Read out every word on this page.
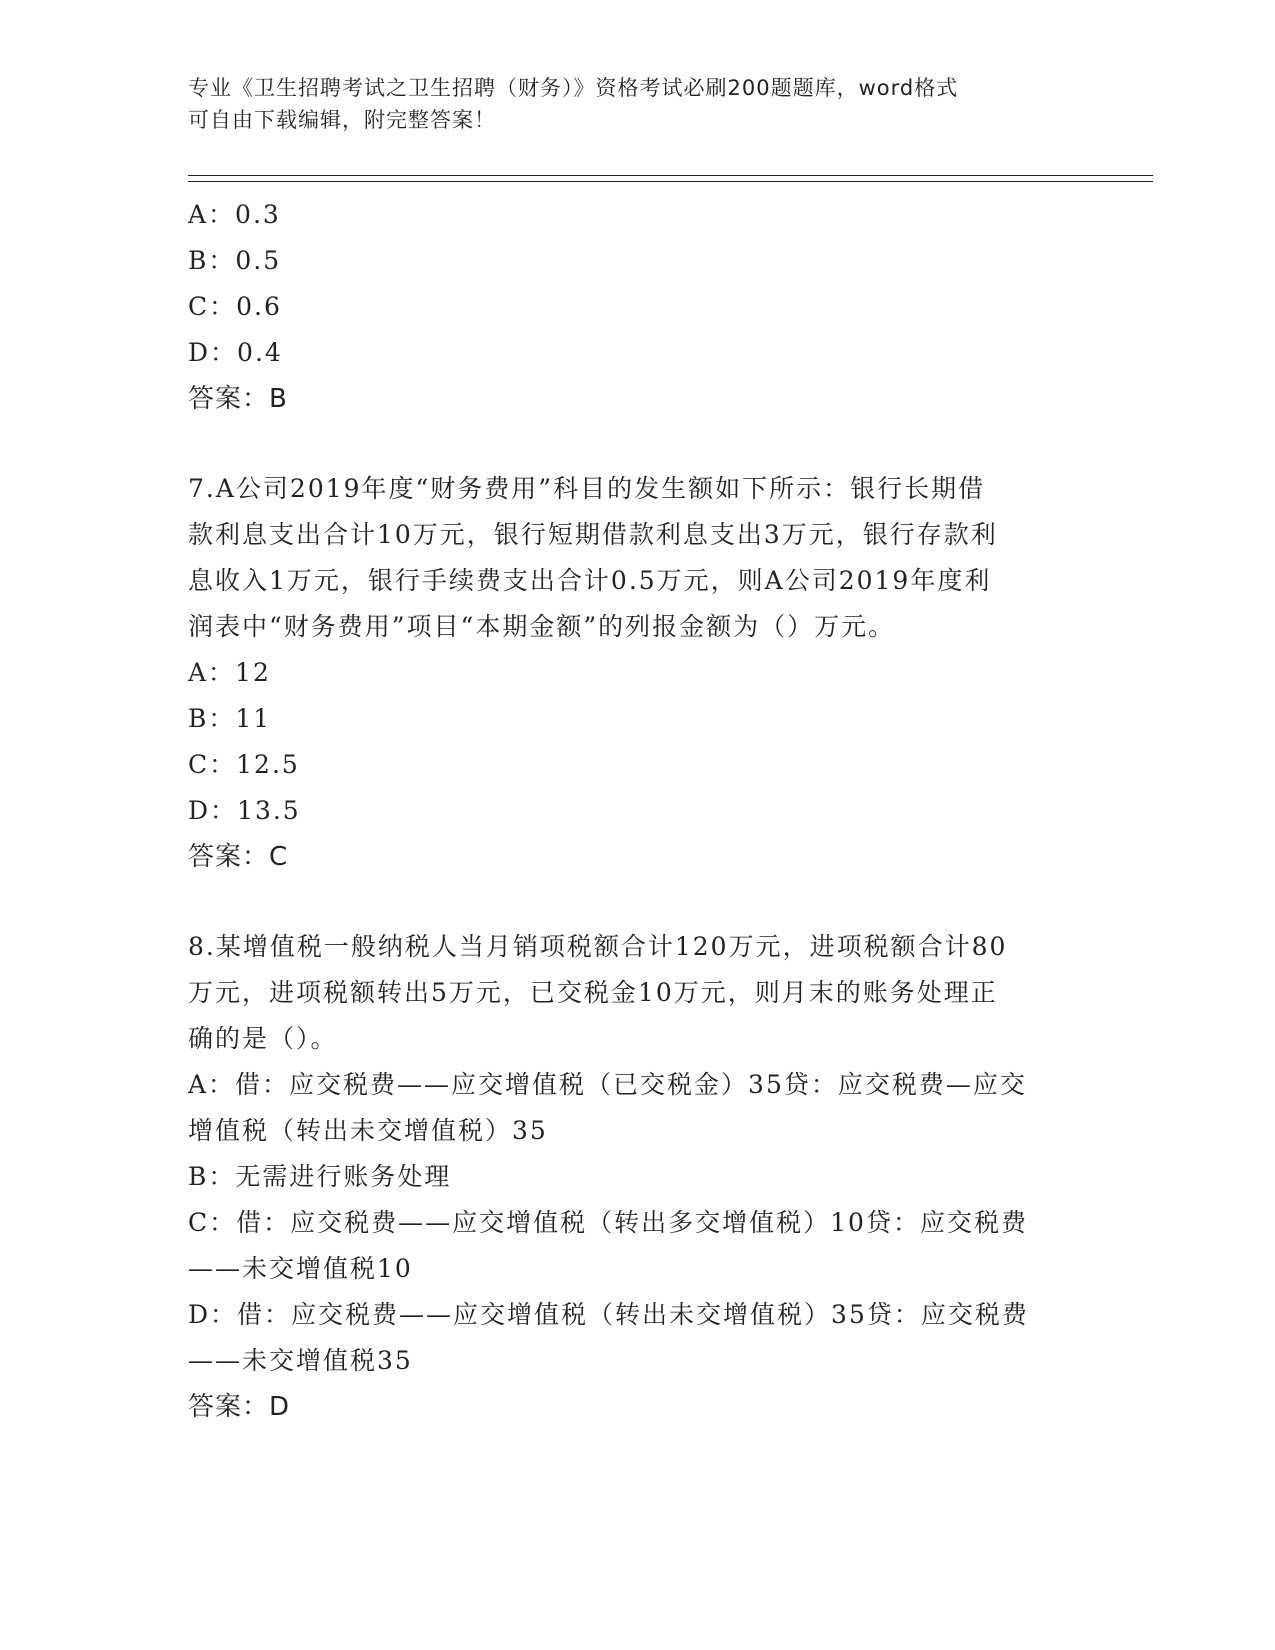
专业《卫生招聘考试之卫生招聘（财务）》资格考试必刷200题题库，word格式
可自由下载编辑，附完整答案！
A：0.3
B：0.5
C：0.6
D：0.4
答案：B
7.A公司2019年度“财务费用”科目的发生额如下所示：银行长期借
款利息支出合计10万元，银行短期借款利息支出3万元，银行存款利
息收入1万元，银行手续费支出合计0.5万元，则A公司2019年度利
润表中“财务费用”项目“本期金额”的列报金额为（）万元。
A：12
B：11
C：12.5
D：13.5
答案：C
8.某增值税一般纳税人当月销项税额合计120万元，进项税额合计80
万元，进项税额转出5万元，已交税金10万元，则月末的账务处理正
确的是（）。
A：借：应交税费——应交增值税（已交税金）35贷：应交税费—应交
增值税（转出未交增值税）35
B：无需进行账务处理
C：借：应交税费——应交增值税（转出多交增值税）10贷：应交税费
——未交增值税10
D：借：应交税费——应交增值税（转出未交增值税）35贷：应交税费
——未交增值税35
答案：D
